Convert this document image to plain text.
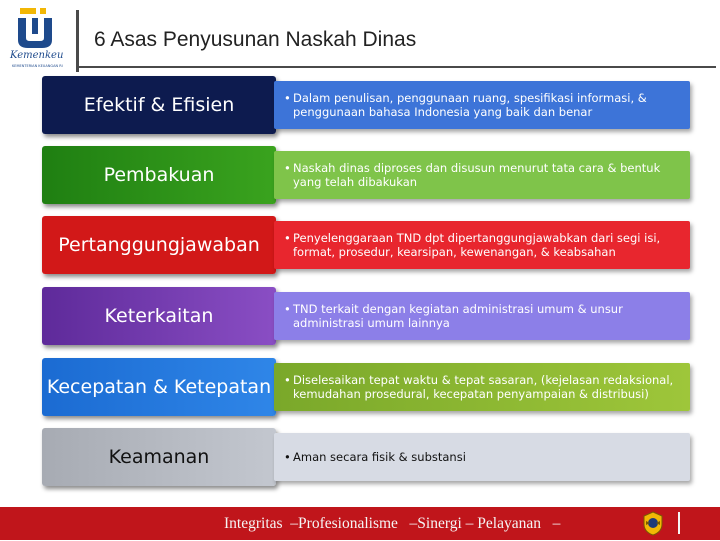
Kemenkeu
KEMENTERIAN KEUANGAN RI
6 Asas Penyusunan Naskah Dinas
Efektif & Efisien	• Dalam penulisan, penggunaan ruang, spesifikasi informasi, & penggunaan bahasa Indonesia yang baik dan benar
Pembakuan	• Naskah dinas diproses dan disusun menurut tata cara & bentuk yang telah dibakukan
Pertanggungjawaban	• Penyelenggaraan TND dpt dipertanggungjawabkan dari segi isi, format, prosedur, kearsipan, kewenangan, & keabsahan
Keterkaitan	• TND terkait dengan kegiatan administrasi umum & unsur administrasi umum lainnya
Kecepatan & Ketepatan	• Diselesaikan tepat waktu & tepat sasaran, (kejelasan redaksional, kemudahan prosedural, kecepatan penyampaian & distribusi)
Keamanan	• Aman secara fisik & substansi
Integritas  –Profesionalisme   –Sinergi – Pelayanan   –
